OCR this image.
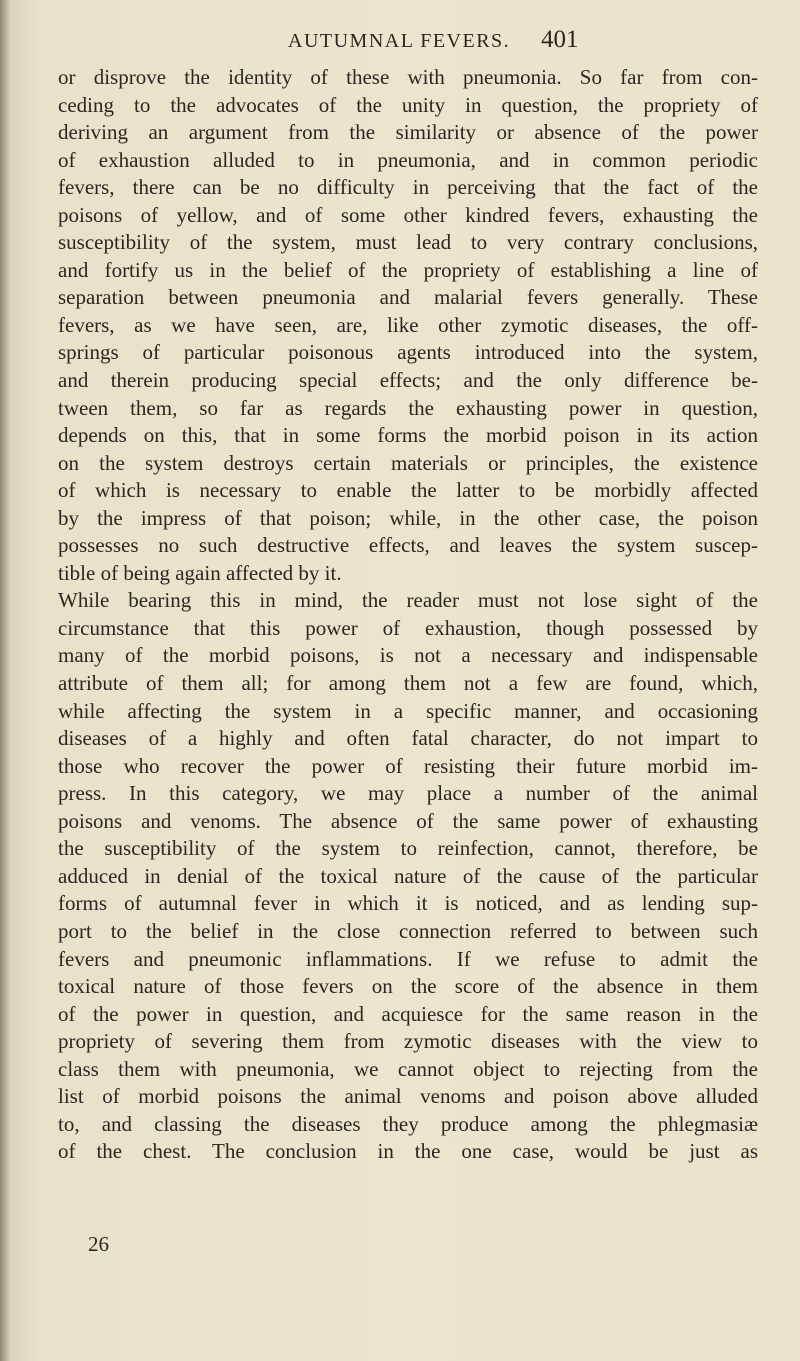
AUTUMNAL FEVERS. 401
or disprove the identity of these with pneumonia. So far from con-
ceding to the advocates of the unity in question, the propriety of
deriving an argument from the similarity or absence of the power
of exhaustion alluded to in pneumonia, and in common periodic
fevers, there can be no difficulty in perceiving that the fact of the
poisons of yellow, and of some other kindred fevers, exhausting the
susceptibility of the system, must lead to very contrary conclusions,
and fortify us in the belief of the propriety of establishing a line of
separation between pneumonia and malarial fevers generally. These
fevers, as we have seen, are, like other zymotic diseases, the off-
springs of particular poisonous agents introduced into the system,
and therein producing special effects; and the only difference be-
tween them, so far as regards the exhausting power in question,
depends on this, that in some forms the morbid poison in its action
on the system destroys certain materials or principles, the existence
of which is necessary to enable the latter to be morbidly affected
by the impress of that poison; while, in the other case, the poison
possesses no such destructive effects, and leaves the system suscep-
tible of being again affected by it.
While bearing this in mind, the reader must not lose sight of the
circumstance that this power of exhaustion, though possessed by
many of the morbid poisons, is not a necessary and indispensable
attribute of them all; for among them not a few are found, which,
while affecting the system in a specific manner, and occasioning
diseases of a highly and often fatal character, do not impart to
those who recover the power of resisting their future morbid im-
press. In this category, we may place a number of the animal
poisons and venoms. The absence of the same power of exhausting
the susceptibility of the system to reinfection, cannot, therefore, be
adduced in denial of the toxical nature of the cause of the particular
forms of autumnal fever in which it is noticed, and as lending sup-
port to the belief in the close connection referred to between such
fevers and pneumonic inflammations. If we refuse to admit the
toxical nature of those fevers on the score of the absence in them
of the power in question, and acquiesce for the same reason in the
propriety of severing them from zymotic diseases with the view to
class them with pneumonia, we cannot object to rejecting from the
list of morbid poisons the animal venoms and poison above alluded
to, and classing the diseases they produce among the phlegmasiæ
of the chest. The conclusion in the one case, would be just as
26
